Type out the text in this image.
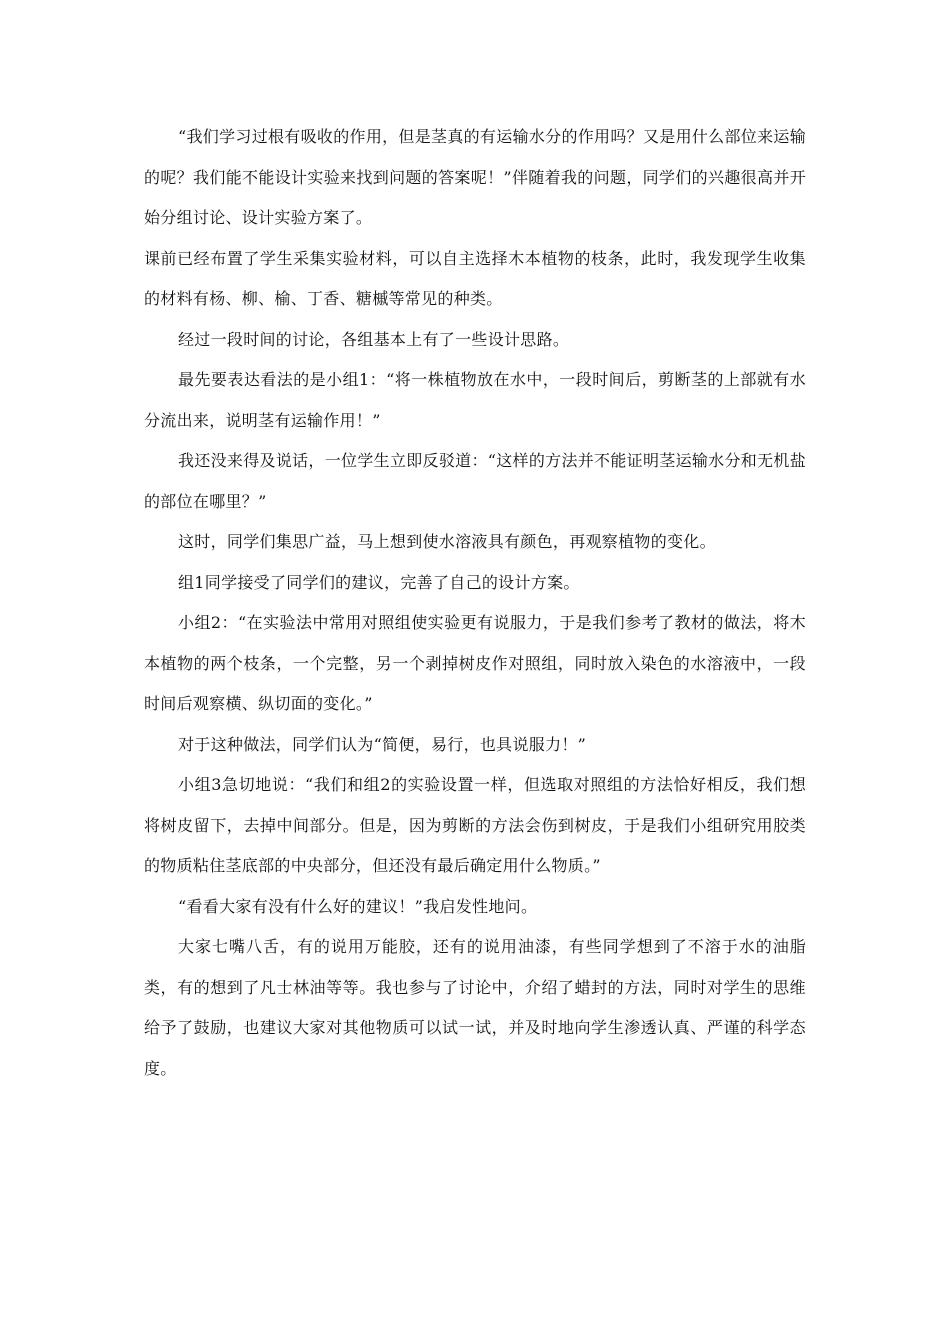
“我们学习过根有吸收的作用，但是茎真的有运输水分的作用吗？又是用什么部位来运输的呢？我们能不能设计实验来找到问题的答案呢！”伴随着我的问题，同学们的兴趣很高并开始分组讨论、设计实验方案了。

课前已经布置了学生采集实验材料，可以自主选择木本植物的枝条，此时，我发现学生收集的材料有杨、柳、榆、丁香、糖槭等常见的种类。

经过一段时间的讨论，各组基本上有了一些设计思路。

最先要表达看法的是小组1：“将一株植物放在水中，一段时间后，剪断茎的上部就有水分流出来，说明茎有运输作用！”

我还没来得及说话，一位学生立即反驳道：“这样的方法并不能证明茎运输水分和无机盐的部位在哪里？”

这时，同学们集思广益，马上想到使水溶液具有颜色，再观察植物的变化。

组1同学接受了同学们的建议，完善了自己的设计方案。

小组2：“在实验法中常用对照组使实验更有说服力，于是我们参考了教材的做法，将木本植物的两个枝条，一个完整，另一个剥掉树皮作对照组，同时放入染色的水溶液中，一段时间后观察横、纵切面的变化。”

对于这种做法，同学们认为“简便，易行，也具说服力！”

小组3急切地说：“我们和组2的实验设置一样，但选取对照组的方法恰好相反，我们想将树皮留下，去掉中间部分。但是，因为剪断的方法会伤到树皮，于是我们小组研究用胶类的物质粘住茎底部的中央部分，但还没有最后确定用什么物质。”

“看看大家有没有什么好的建议！”我启发性地问。

大家七嘴八舌，有的说用万能胶，还有的说用油漆，有些同学想到了不溶于水的油脂类，有的想到了凡士林油等等。我也参与了讨论中，介绍了蜡封的方法，同时对学生的思维给予了鼓励，也建议大家对其他物质可以试一试，并及时地向学生渗透认真、严谨的科学态度。
